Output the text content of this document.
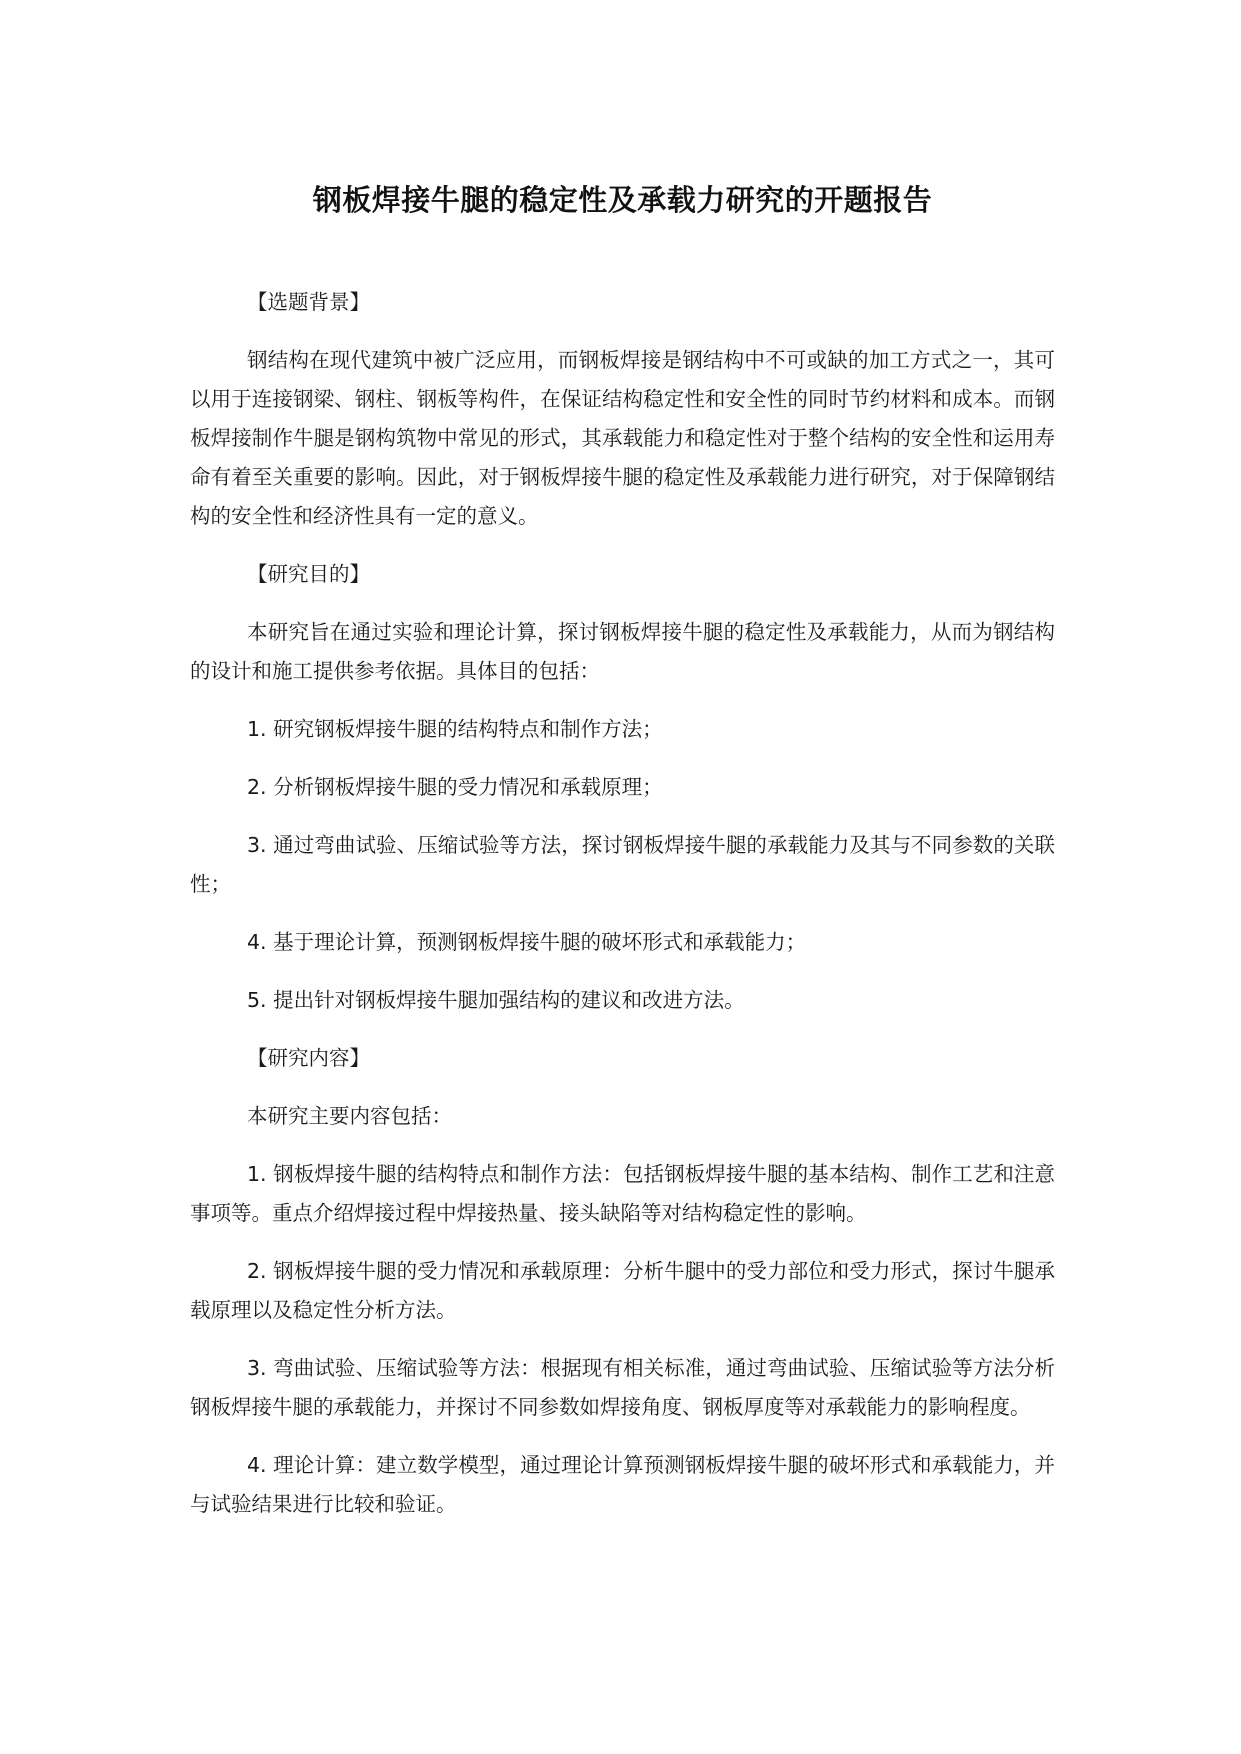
钢板焊接牛腿的稳定性及承载力研究的开题报告
【选题背景】

钢结构在现代建筑中被广泛应用，而钢板焊接是钢结构中不可或缺的加工方式之一，其可以用于连接钢梁、钢柱、钢板等构件，在保证结构稳定性和安全性的同时节约材料和成本。而钢板焊接制作牛腿是钢构筑物中常见的形式，其承载能力和稳定性对于整个结构的安全性和运用寿命有着至关重要的影响。因此，对于钢板焊接牛腿的稳定性及承载能力进行研究，对于保障钢结构的安全性和经济性具有一定的意义。

【研究目的】

本研究旨在通过实验和理论计算，探讨钢板焊接牛腿的稳定性及承载能力，从而为钢结构的设计和施工提供参考依据。具体目的包括：

1. 研究钢板焊接牛腿的结构特点和制作方法；

2. 分析钢板焊接牛腿的受力情况和承载原理；

3. 通过弯曲试验、压缩试验等方法，探讨钢板焊接牛腿的承载能力及其与不同参数的关联性；

4. 基于理论计算，预测钢板焊接牛腿的破坏形式和承载能力；

5. 提出针对钢板焊接牛腿加强结构的建议和改进方法。

【研究内容】

本研究主要内容包括：

1. 钢板焊接牛腿的结构特点和制作方法：包括钢板焊接牛腿的基本结构、制作工艺和注意事项等。重点介绍焊接过程中焊接热量、接头缺陷等对结构稳定性的影响。

2. 钢板焊接牛腿的受力情况和承载原理：分析牛腿中的受力部位和受力形式，探讨牛腿承载原理以及稳定性分析方法。

3. 弯曲试验、压缩试验等方法：根据现有相关标准，通过弯曲试验、压缩试验等方法分析钢板焊接牛腿的承载能力，并探讨不同参数如焊接角度、钢板厚度等对承载能力的影响程度。

4. 理论计算：建立数学模型，通过理论计算预测钢板焊接牛腿的破坏形式和承载能力，并与试验结果进行比较和验证。
